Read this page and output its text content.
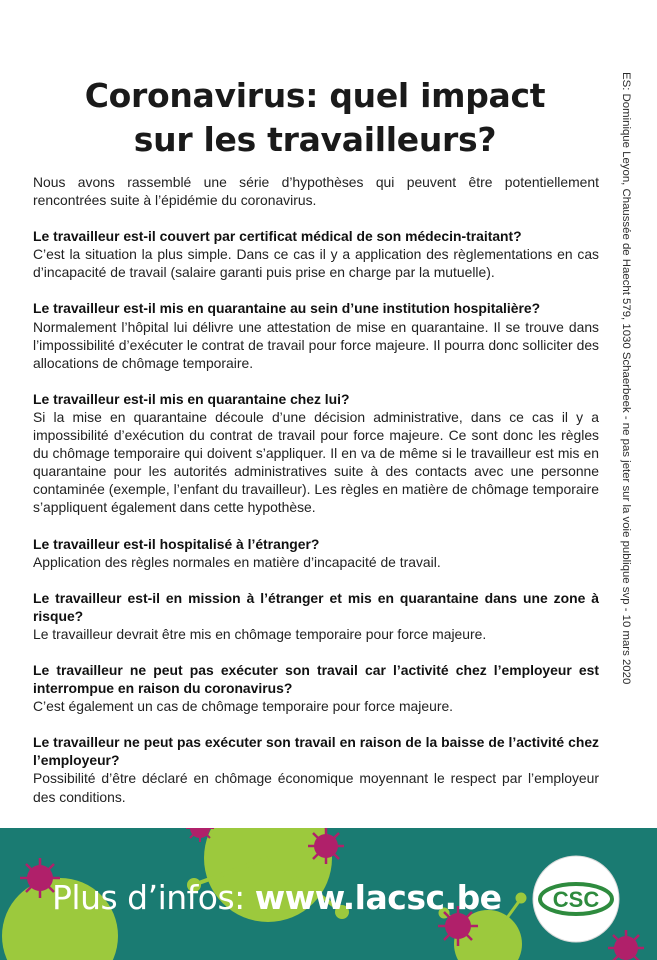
Coronavirus: quel impact
sur les travailleurs?	ES: Dominique Leyon, Chaussée de Haecht 579, 1030 Schaerbeek - ne pas jeter sur la voie publique svp - 10 mars 2020

Nous avons rassemblé une série d’hypothèses qui peuvent être potentiellement rencontrées suite à l’épidémie du coronavirus.

Le travailleur est-il couvert par certificat médical de son médecin-traitant?

C’est la situation la plus simple. Dans ce cas il y a application des règlementations en cas d’incapacité de travail (salaire garanti puis prise en charge par la mutuelle).

Le travailleur est-il mis en quarantaine au sein d’une institution hospitalière?

Normalement l’hôpital lui délivre une attestation de mise en quarantaine. Il se trouve dans l’impossibilité d’exécuter le contrat de travail pour force majeure. Il pourra donc solliciter des allocations de chômage temporaire.

Le travailleur est-il mis en quarantaine chez lui?

Si la mise en quarantaine découle d’une décision administrative, dans ce cas il y a impossibilité d’exécution du contrat de travail pour force majeure. Ce sont donc les règles du chômage temporaire qui doivent s’appliquer. Il en va de même si le travailleur est mis en quarantaine pour les autorités administratives suite à des contacts avec une personne contaminée (exemple, l’enfant du travailleur). Les règles en matière de chômage temporaire s’appliquent également dans cette hypothèse.

Le travailleur est-il hospitalisé à l’étranger?

Application des règles normales en matière d’incapacité de travail.

Le travailleur est-il en mission à l’étranger et mis en quarantaine dans une zone à risque?

Le travailleur devrait être mis en chômage temporaire pour force majeure.

Le travailleur ne peut pas exécuter son travail car l’activité chez l’employeur est interrompue en raison du coronavirus?

C’est également un cas de chômage temporaire pour force majeure.

Le travailleur ne peut pas exécuter son travail en raison de la baisse de l’activité chez l’employeur?

Possibilité d’être déclaré en chômage économique moyennant le respect par l’employeur des conditions.

Plus d’infos: www.lacsc.be CSC
